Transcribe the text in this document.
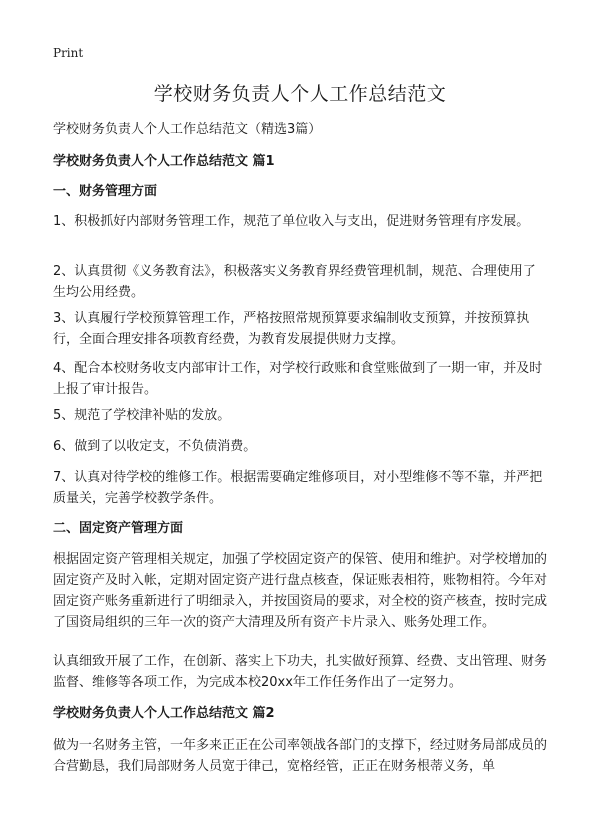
Print
学校财务负责人个人工作总结范文

学校财务负责人个人工作总结范文（精选3篇）

学校财务负责人个人工作总结范文 篇1

一、财务管理方面

1、积极抓好内部财务管理工作，规范了单位收入与支出，促进财务管理有序发展。

2、认真贯彻《义务教育法》，积极落实义务教育界经费管理机制，规范、合理使用了生均公用经费。

3、认真履行学校预算管理工作，严格按照常规预算要求编制收支预算，并按预算执行，全面合理安排各项教育经费，为教育发展提供财力支撑。

4、配合本校财务收支内部审计工作，对学校行政账和食堂账做到了一期一审，并及时上报了审计报告。

5、规范了学校津补贴的发放。

6、做到了以收定支，不负债消费。

7、认真对待学校的维修工作。根据需要确定维修项目，对小型维修不等不靠，并严把质量关，完善学校教学条件。

二、固定资产管理方面

根据固定资产管理相关规定，加强了学校固定资产的保管、使用和维护。对学校增加的固定资产及时入帐，定期对固定资产进行盘点核查，保证账表相符，账物相符。今年对固定资产账务重新进行了明细录入，并按国资局的要求，对全校的资产核查，按时完成了国资局组织的三年一次的资产大清理及所有资产卡片录入、账务处理工作。

认真细致开展了工作，在创新、落实上下功夫，扎实做好预算、经费、支出管理、财务监督、维修等各项工作，为完成本校20xx年工作任务作出了一定努力。

学校财务负责人个人工作总结范文 篇2

做为一名财务主管，一年多来正正在公司率领战各部门的支撑下，经过财务局部成员的合营勤恳，我们局部财务人员宽于律己，宽格经管，正正在财务根蒂义务，单
